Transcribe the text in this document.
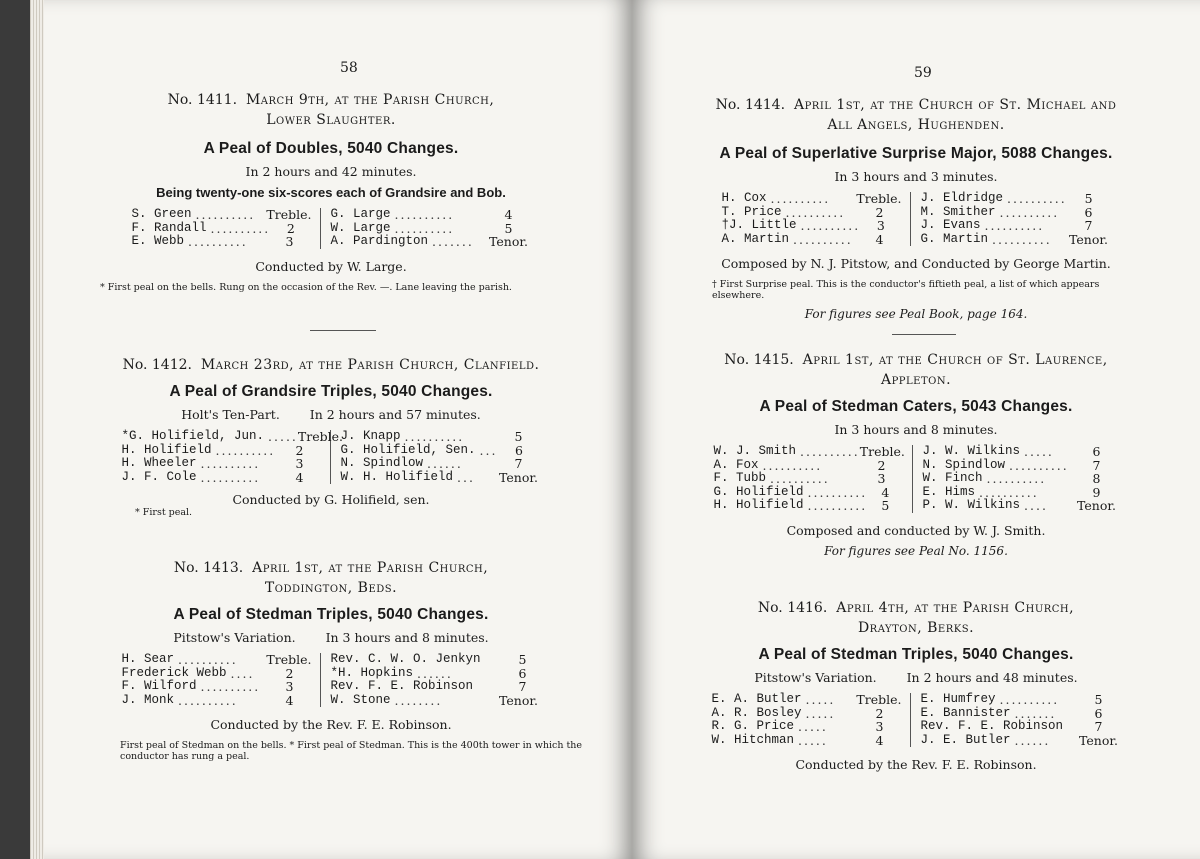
58
No. 1411. March 9th, at the Parish Church,
Lower Slaughter.
A Peal of Doubles, 5040 Changes.
In 2 hours and 42 minutes.
Being twenty-one six-scores each of Grandsire and Bob.
S. Green .......... Treble.
F. Randall ..........	2
E. Webb ..........	3
G. Large ..........	4
W. Large ..........	5
A. Pardington .......	Tenor.
Conducted by W. Large.
* First peal on the bells. Rung on the occasion of the Rev. —. Lane leaving the parish.
No. 1412. March 23rd, at the Parish Church, Clanfield.
A Peal of Grandsire Triples, 5040 Changes.
Holt's Ten-Part. In 2 hours and 57 minutes.
*G. Holifield, Jun. ..... Treble.
H. Holifield ..........	2
H. Wheeler ..........	3
J. F. Cole ..........	4
J. Knapp ..........	5
G. Holifield, Sen. ...	6
N. Spindlow ......	7
W. H. Holifield ...	Tenor.
Conducted by G. Holifield, sen.
* First peal.
No. 1413. April 1st, at the Parish Church,
Toddington, Beds.
A Peal of Stedman Triples, 5040 Changes.
Pitstow's Variation. In 3 hours and 8 minutes.
H. Sear ..........	Treble.
Frederick Webb ....	2
F. Wilford ..........	3
J. Monk ..........	4
Rev. C. W. O. Jenkyn	5
*H. Hopkins ......	6
Rev. F. E. Robinson	7
W. Stone ........	Tenor.
Conducted by the Rev. F. E. Robinson.
First peal of Stedman on the bells. * First peal of Stedman. This is the 400th tower in which the conductor has rung a peal.
59
No. 1414. April 1st, at the Church of St. Michael and
All Angels, Hughenden.
A Peal of Superlative Surprise Major, 5088 Changes.
In 3 hours and 3 minutes.
H. Cox ..........	Treble.
T. Price ..........	2
†J. Little ..........	3
A. Martin ..........	4
J. Eldridge ..........	5
M. Smither ..........	6
J. Evans ..........	7
G. Martin ..........	Tenor.
Composed by N. J. Pitstow, and Conducted by George Martin.
† First Surprise peal. This is the conductor's fiftieth peal, a list of which appears elsewhere.
For figures see Peal Book, page 164.
No. 1415. April 1st, at the Church of St. Laurence,
Appleton.
A Peal of Stedman Caters, 5043 Changes.
In 3 hours and 8 minutes.
W. J. Smith .......... Treble.
A. Fox ..........	2
F. Tubb ..........	3
G. Holifield ..........	4
H. Holifield ..........	5
J. W. Wilkins .....	6
N. Spindlow ..........	7
W. Finch ..........	8
E. Hims ..........	9
P. W. Wilkins ....	Tenor.
Composed and conducted by W. J. Smith.
For figures see Peal No. 1156.
No. 1416. April 4th, at the Parish Church,
Drayton, Berks.
A Peal of Stedman Triples, 5040 Changes.
Pitstow's Variation. In 2 hours and 48 minutes.
E. A. Butler .....	Treble.
A. R. Bosley .....	2
R. G. Price .....	3
W. Hitchman .....	4
E. Humfrey ..........	5
E. Bannister .......	6
Rev. F. E. Robinson	7
J. E. Butler ......	Tenor.
Conducted by the Rev. F. E. Robinson.
